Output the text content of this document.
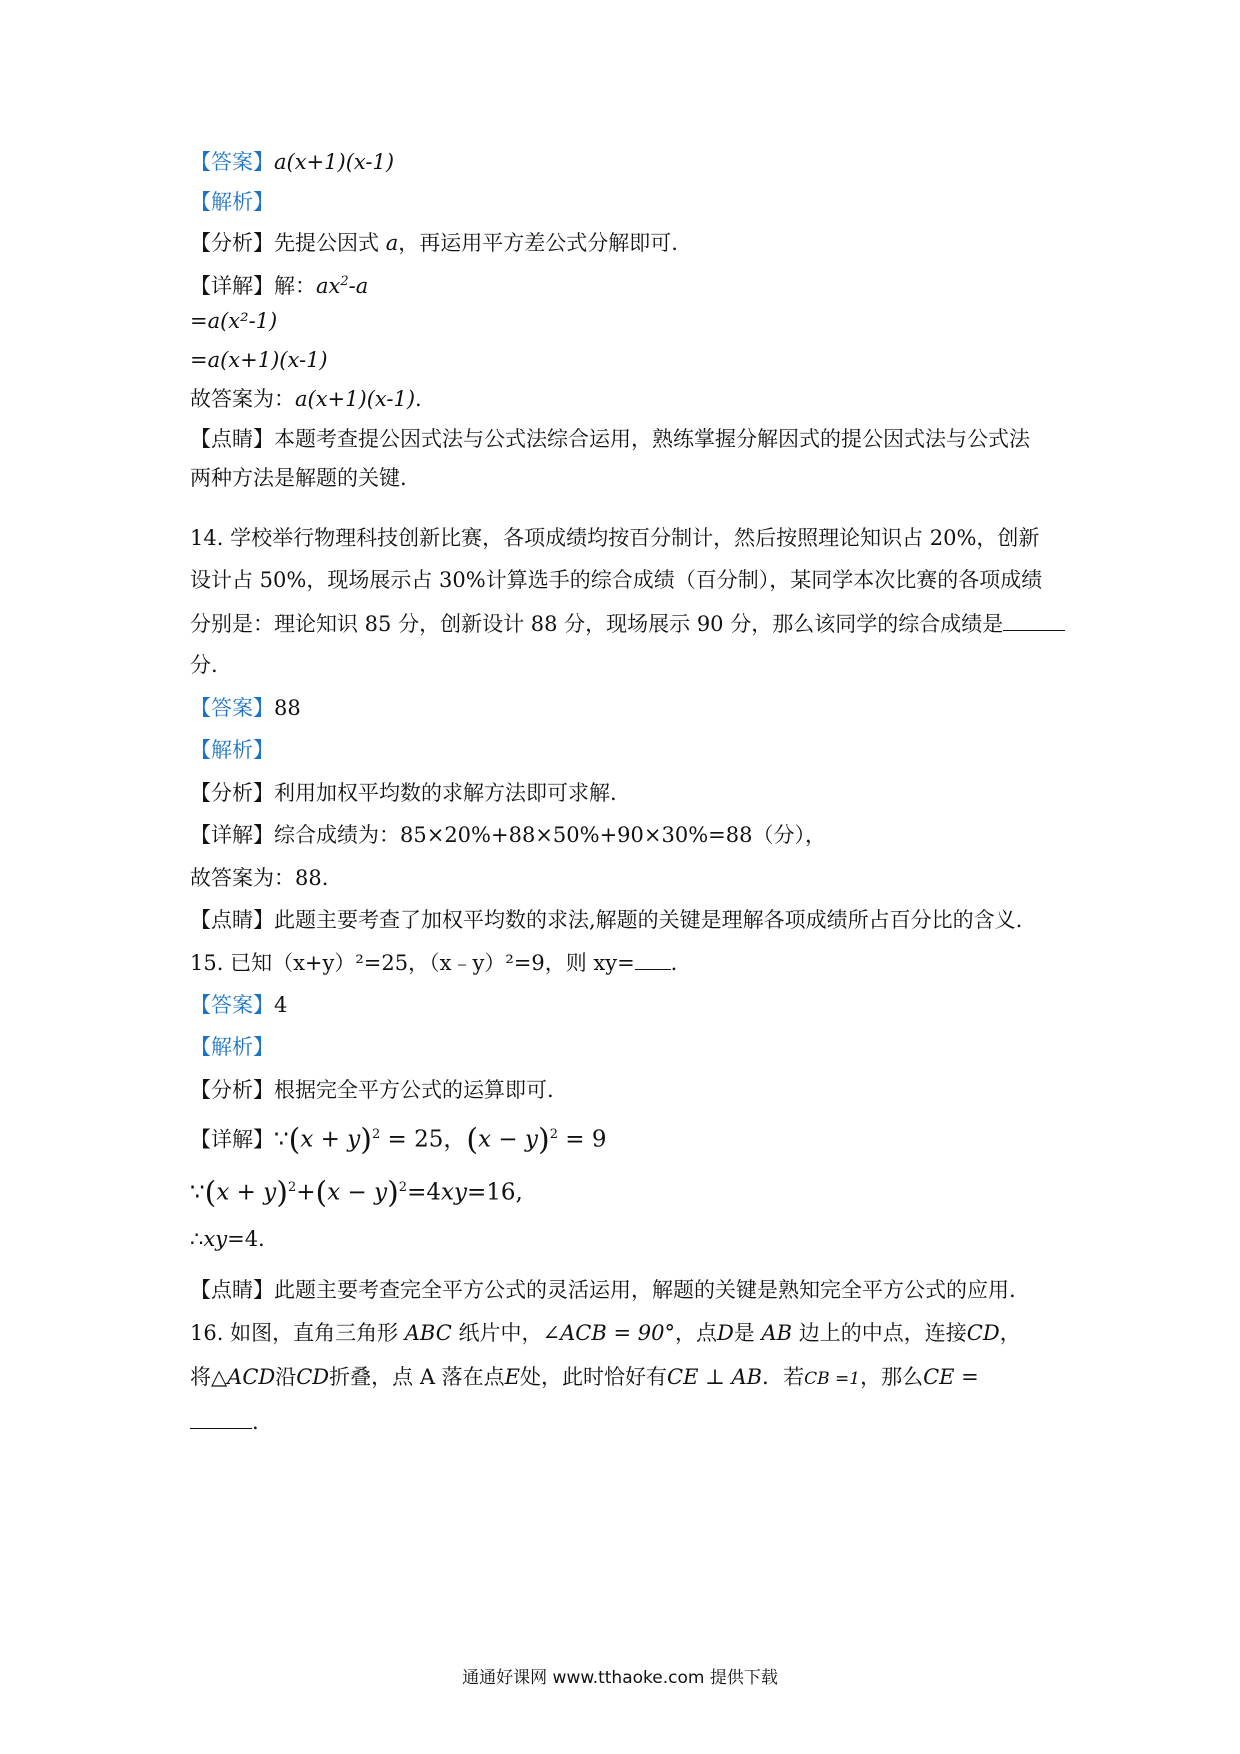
【答案】a(x+1)(x-1)
【解析】
【分析】先提公因式 a，再运用平方差公式分解即可.
【详解】解：$ax^2-a$
=a(x²-1)
=a(x+1)(x-1)
故答案为：a(x+1)(x-1).
【点睛】本题考查提公因式法与公式法综合运用，熟练掌握分解因式的提公因式法与公式法
两种方法是解题的关键.
14. 学校举行物理科技创新比赛，各项成绩均按百分制计，然后按照理论知识占 20%，创新
设计占 50%，现场展示占 30%计算选手的综合成绩（百分制），某同学本次比赛的各项成绩
分别是：理论知识 85 分，创新设计 88 分，现场展示 90 分，那么该同学的综合成绩是
分.
【答案】88
【解析】
【分析】利用加权平均数的求解方法即可求解.
【详解】综合成绩为：85×20%+88×50%+90×30%=88（分），
故答案为：88.
【点睛】此题主要考查了加权平均数的求法,解题的关键是理解各项成绩所占百分比的含义.
15. 已知（x+y）²=25，（x﹣y）²=9，则 xy= .
【答案】4
【解析】
【分析】根据完全平方公式的运算即可.
【详解】∵(x + y)$^2$ = 25，$(x - y)^2 = 9$
∵(x + $y)^2+(x - y)^2=4xy=16$,
∴xy=4.
【点睛】此题主要考查完全平方公式的灵活运用，解题的关键是熟知完全平方公式的应用.
16. 如图，直角三角形 ABC 纸片中，∠ACB = 90°，点D是 AB 边上的中点，连接CD，
将△ACD沿CD折叠，点 A 落在点E处，此时恰好有CE ⊥ AB．若CB =1，那么CE =
.
通通好课网 www.tthaoke.com 提供下载
